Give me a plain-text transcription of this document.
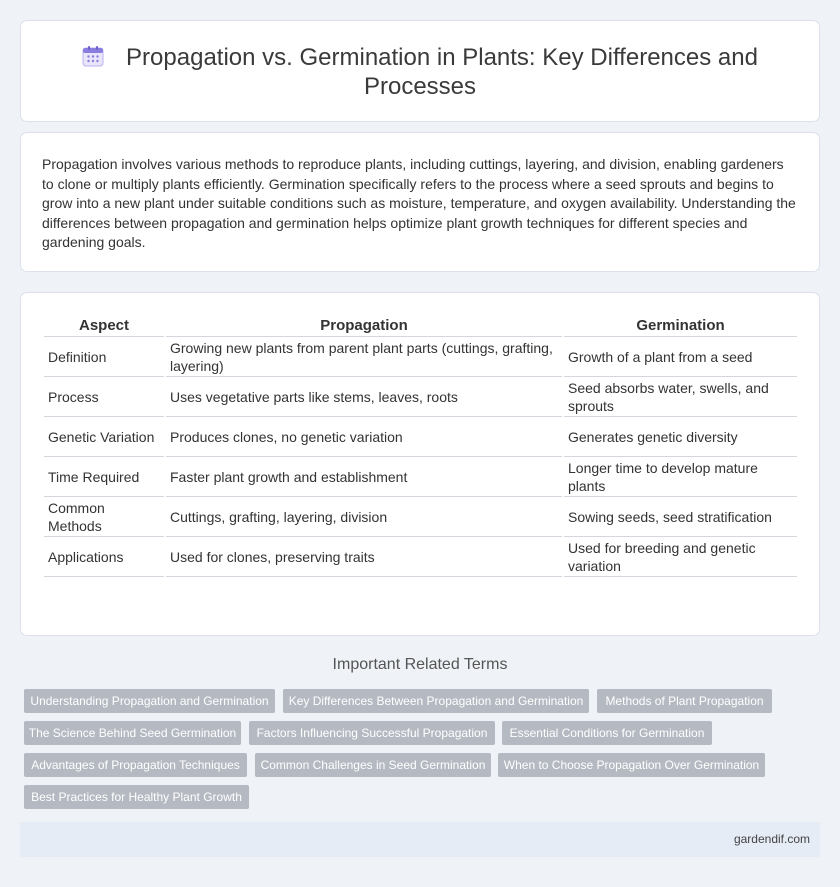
Propagation vs. Germination in Plants: Key Differences and Processes

Propagation involves various methods to reproduce plants, including cuttings, layering, and division, enabling gardeners to clone or multiply plants efficiently. Germination specifically refers to the process where a seed sprouts and begins to grow into a new plant under suitable conditions such as moisture, temperature, and oxygen availability. Understanding the differences between propagation and germination helps optimize plant growth techniques for different species and gardening goals.

Aspect	Propagation	Germination
Definition	Growing new plants from parent plant parts (cuttings, grafting, layering)	Growth of a plant from a seed
Process	Uses vegetative parts like stems, leaves, roots	Seed absorbs water, swells, and sprouts
Genetic Variation	Produces clones, no genetic variation	Generates genetic diversity
Time Required	Faster plant growth and establishment	Longer time to develop mature plants
Common Methods	Cuttings, grafting, layering, division	Sowing seeds, seed stratification
Applications	Used for clones, preserving traits	Used for breeding and genetic variation
Important Related Terms
Understanding Propagation and Germination	Key Differences Between Propagation and Germination	Methods of Plant Propagation
The Science Behind Seed Germination	Factors Influencing Successful Propagation	Essential Conditions for Germination
Advantages of Propagation Techniques	Common Challenges in Seed Germination	When to Choose Propagation Over Germination
Best Practices for Healthy Plant Growth
gardendif.com
